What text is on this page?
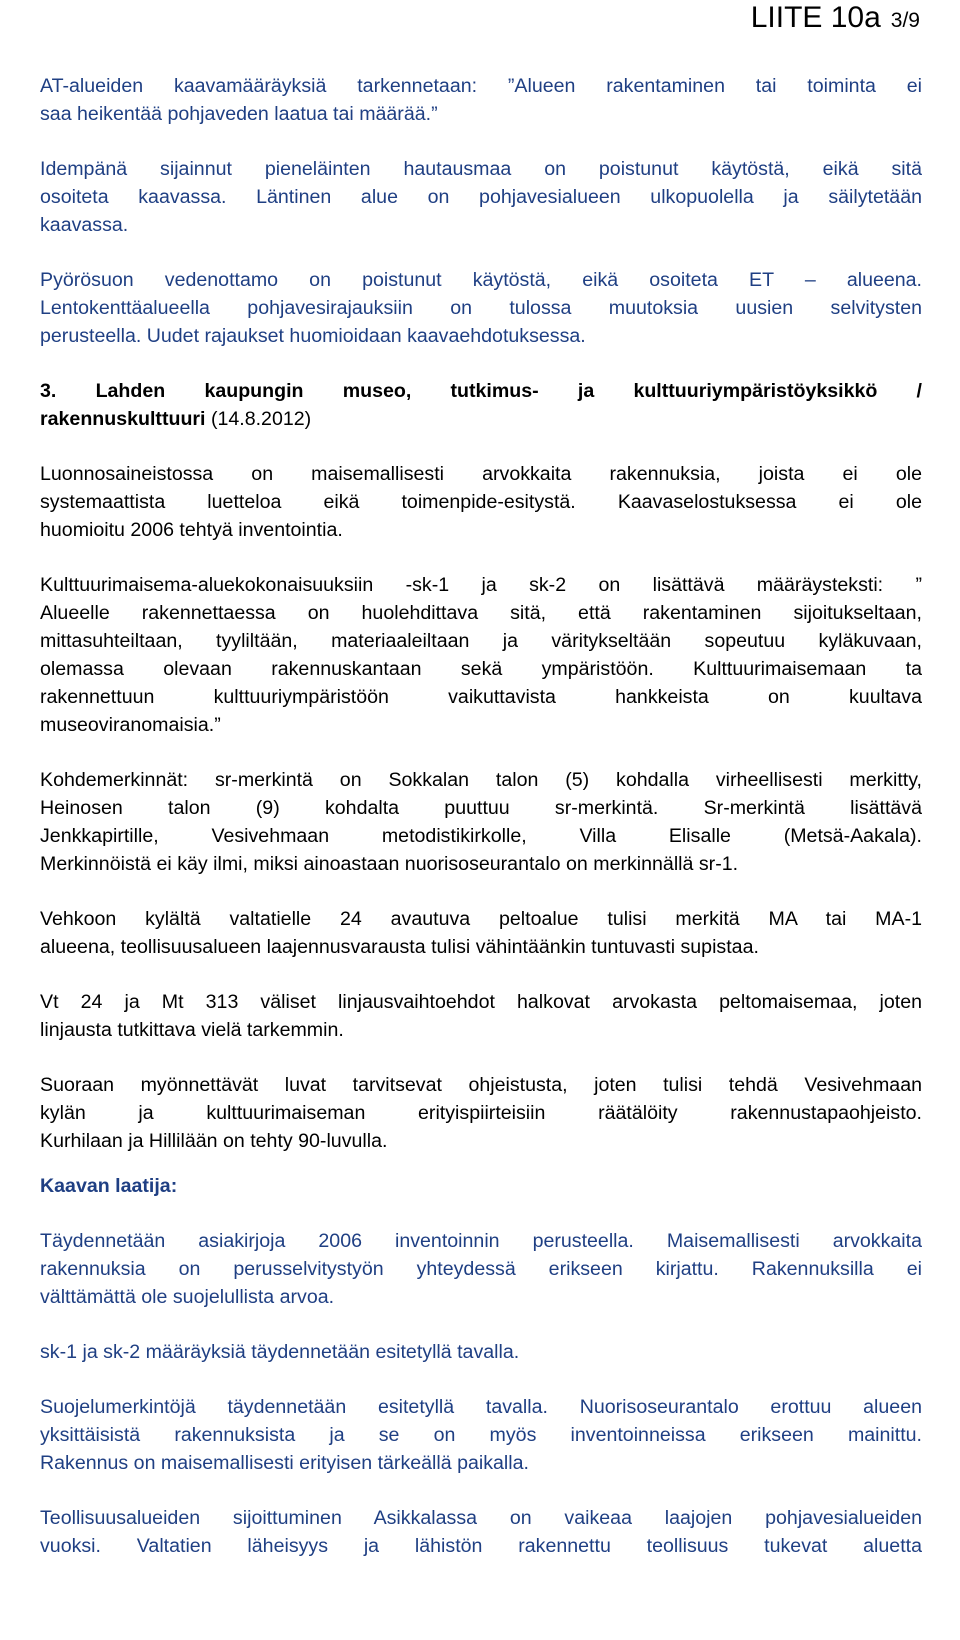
LIITE 10a 3/9
AT-alueiden kaavamääräyksiä tarkennetaan: ”Alueen rakentaminen tai toiminta ei
saa heikentää pohjaveden laatua tai määrää.”
Idempänä sijainnut pieneläinten hautausmaa on poistunut käytöstä, eikä sitä
osoiteta kaavassa. Läntinen alue on pohjavesialueen ulkopuolella ja säilytetään
kaavassa.
Pyörösuon vedenottamo on poistunut käytöstä, eikä osoiteta ET – alueena.
Lentokenttäalueella pohjavesirajauksiin on tulossa muutoksia uusien selvitysten
perusteella. Uudet rajaukset huomioidaan kaavaehdotuksessa.
3. Lahden kaupungin museo, tutkimus- ja kulttuuriympäristöyksikkö /
rakennuskulttuuri (14.8.2012)
Luonnosaineistossa on maisemallisesti arvokkaita rakennuksia, joista ei ole
systemaattista luetteloa eikä toimenpide-esitystä. Kaavaselostuksessa ei ole
huomioitu 2006 tehtyä inventointia.
Kulttuurimaisema-aluekokonaisuuksiin -sk-1 ja sk-2 on lisättävä määräysteksti: ”
Alueelle rakennettaessa on huolehdittava sitä, että rakentaminen sijoitukseltaan,
mittasuhteiltaan, tyyliltään, materiaaleiltaan ja väritykseltään sopeutuu kyläkuvaan,
olemassa olevaan rakennuskantaan sekä ympäristöön. Kulttuurimaisemaan ta
rakennettuun kulttuuriympäristöön vaikuttavista hankkeista on kuultava
museoviranomaisia.”
Kohdemerkinnät: sr-merkintä on Sokkalan talon (5) kohdalla virheellisesti merkitty,
Heinosen talon (9) kohdalta puuttuu sr-merkintä. Sr-merkintä lisättävä
Jenkkapirtille, Vesivehmaan metodistikirkolle, Villa Elisalle (Metsä-Aakala).
Merkinnöistä ei käy ilmi, miksi ainoastaan nuorisoseurantalo on merkinnällä sr-1.
Vehkoon kylältä valtatielle 24 avautuva peltoalue tulisi merkitä MA tai MA-1
alueena, teollisuusalueen laajennusvarausta tulisi vähintäänkin tuntuvasti supistaa.
Vt 24 ja Mt 313 väliset linjausvaihtoehdot halkovat arvokasta peltomaisemaa, joten
linjausta tutkittava vielä tarkemmin.
Suoraan myönnettävät luvat tarvitsevat ohjeistusta, joten tulisi tehdä Vesivehmaan
kylän ja kulttuurimaiseman erityispiirteisiin räätälöity rakennustapaohjeisto.
Kurhilaan ja Hillilään on tehty 90-luvulla.
Kaavan laatija:
Täydennetään asiakirjoja 2006 inventoinnin perusteella. Maisemallisesti arvokkaita
rakennuksia on perusselvitystyön yhteydessä erikseen kirjattu. Rakennuksilla ei
välttämättä ole suojelullista arvoa.
sk-1 ja sk-2 määräyksiä täydennetään esitetyllä tavalla.
Suojelumerkintöjä täydennetään esitetyllä tavalla. Nuorisoseurantalo erottuu alueen
yksittäisistä rakennuksista ja se on myös inventoinneissa erikseen mainittu.
Rakennus on maisemallisesti erityisen tärkeällä paikalla.
Teollisuusalueiden sijoittuminen Asikkalassa on vaikeaa laajojen pohjavesialueiden
vuoksi. Valtatien läheisyys ja lähistön rakennettu teollisuus tukevat aluetta
